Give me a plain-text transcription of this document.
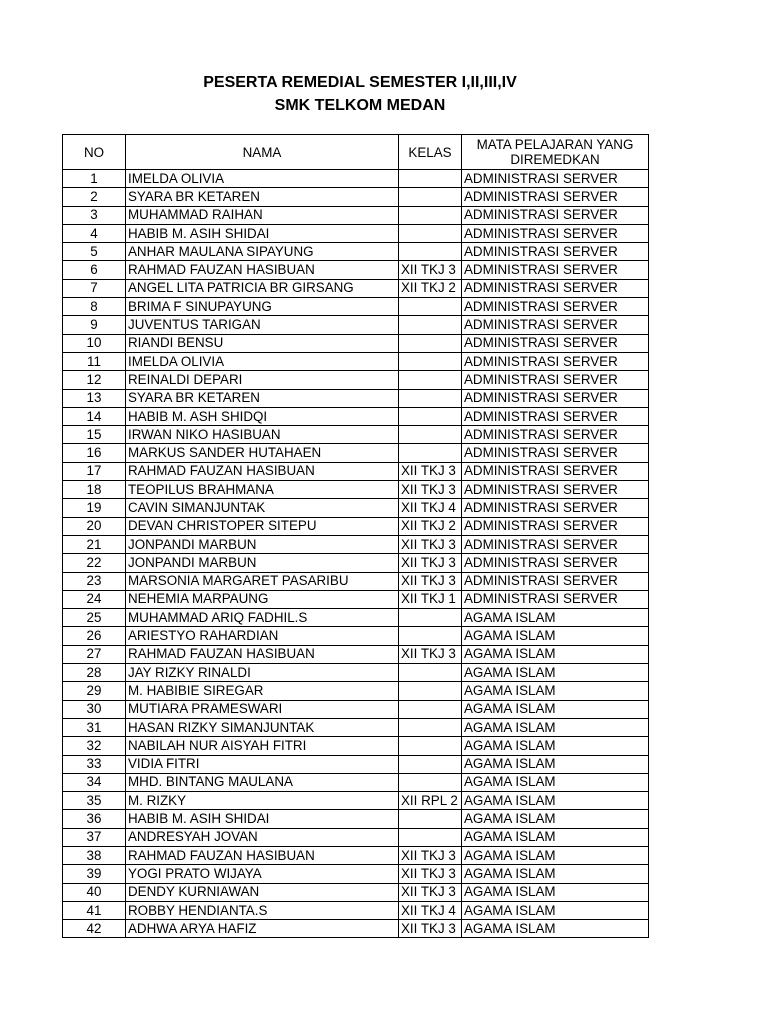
PESERTA REMEDIAL SEMESTER I,II,III,IV
SMK TELKOM MEDAN
NO	NAMA	KELAS	MATA PELAJARAN YANG DIREMEDKAN
1	IMELDA OLIVIA		ADMINISTRASI SERVER
2	SYARA BR KETAREN		ADMINISTRASI SERVER
3	MUHAMMAD RAIHAN		ADMINISTRASI SERVER
4	HABIB M. ASIH SHIDAI		ADMINISTRASI SERVER
5	ANHAR MAULANA SIPAYUNG		ADMINISTRASI SERVER
6	RAHMAD FAUZAN HASIBUAN	XII TKJ 3	ADMINISTRASI SERVER
7	ANGEL LITA PATRICIA BR GIRSANG	XII TKJ 2	ADMINISTRASI SERVER
8	BRIMA F SINUPAYUNG		ADMINISTRASI SERVER
9	JUVENTUS TARIGAN		ADMINISTRASI SERVER
10	RIANDI BENSU		ADMINISTRASI SERVER
11	IMELDA OLIVIA		ADMINISTRASI SERVER
12	REINALDI DEPARI		ADMINISTRASI SERVER
13	SYARA BR KETAREN		ADMINISTRASI SERVER
14	HABIB M. ASH SHIDQI		ADMINISTRASI SERVER
15	IRWAN NIKO HASIBUAN		ADMINISTRASI SERVER
16	MARKUS SANDER HUTAHAEN		ADMINISTRASI SERVER
17	RAHMAD FAUZAN HASIBUAN	XII TKJ 3	ADMINISTRASI SERVER
18	TEOPILUS BRAHMANA	XII TKJ 3	ADMINISTRASI SERVER
19	CAVIN SIMANJUNTAK	XII TKJ 4	ADMINISTRASI SERVER
20	DEVAN CHRISTOPER SITEPU	XII TKJ 2	ADMINISTRASI SERVER
21	JONPANDI MARBUN	XII TKJ 3	ADMINISTRASI SERVER
22	JONPANDI MARBUN	XII TKJ 3	ADMINISTRASI SERVER
23	MARSONIA MARGARET PASARIBU	XII TKJ 3	ADMINISTRASI SERVER
24	NEHEMIA MARPAUNG	XII TKJ 1	ADMINISTRASI SERVER
25	MUHAMMAD ARIQ FADHIL.S		AGAMA ISLAM
26	ARIESTYO RAHARDIAN		AGAMA ISLAM
27	RAHMAD FAUZAN HASIBUAN	XII TKJ 3	AGAMA ISLAM
28	JAY RIZKY RINALDI		AGAMA ISLAM
29	M. HABIBIE SIREGAR		AGAMA ISLAM
30	MUTIARA PRAMESWARI		AGAMA ISLAM
31	HASAN RIZKY SIMANJUNTAK		AGAMA ISLAM
32	NABILAH NUR AISYAH FITRI		AGAMA ISLAM
33	VIDIA FITRI		AGAMA ISLAM
34	MHD. BINTANG MAULANA		AGAMA ISLAM
35	M. RIZKY	XII RPL 2	AGAMA ISLAM
36	HABIB M. ASIH SHIDAI		AGAMA ISLAM
37	ANDRESYAH JOVAN		AGAMA ISLAM
38	RAHMAD FAUZAN HASIBUAN	XII TKJ 3	AGAMA ISLAM
39	YOGI PRATO WIJAYA	XII TKJ 3	AGAMA ISLAM
40	DENDY KURNIAWAN	XII TKJ 3	AGAMA ISLAM
41	ROBBY HENDIANTA.S	XII TKJ 4	AGAMA ISLAM
42	ADHWA ARYA HAFIZ	XII TKJ 3	AGAMA ISLAM
